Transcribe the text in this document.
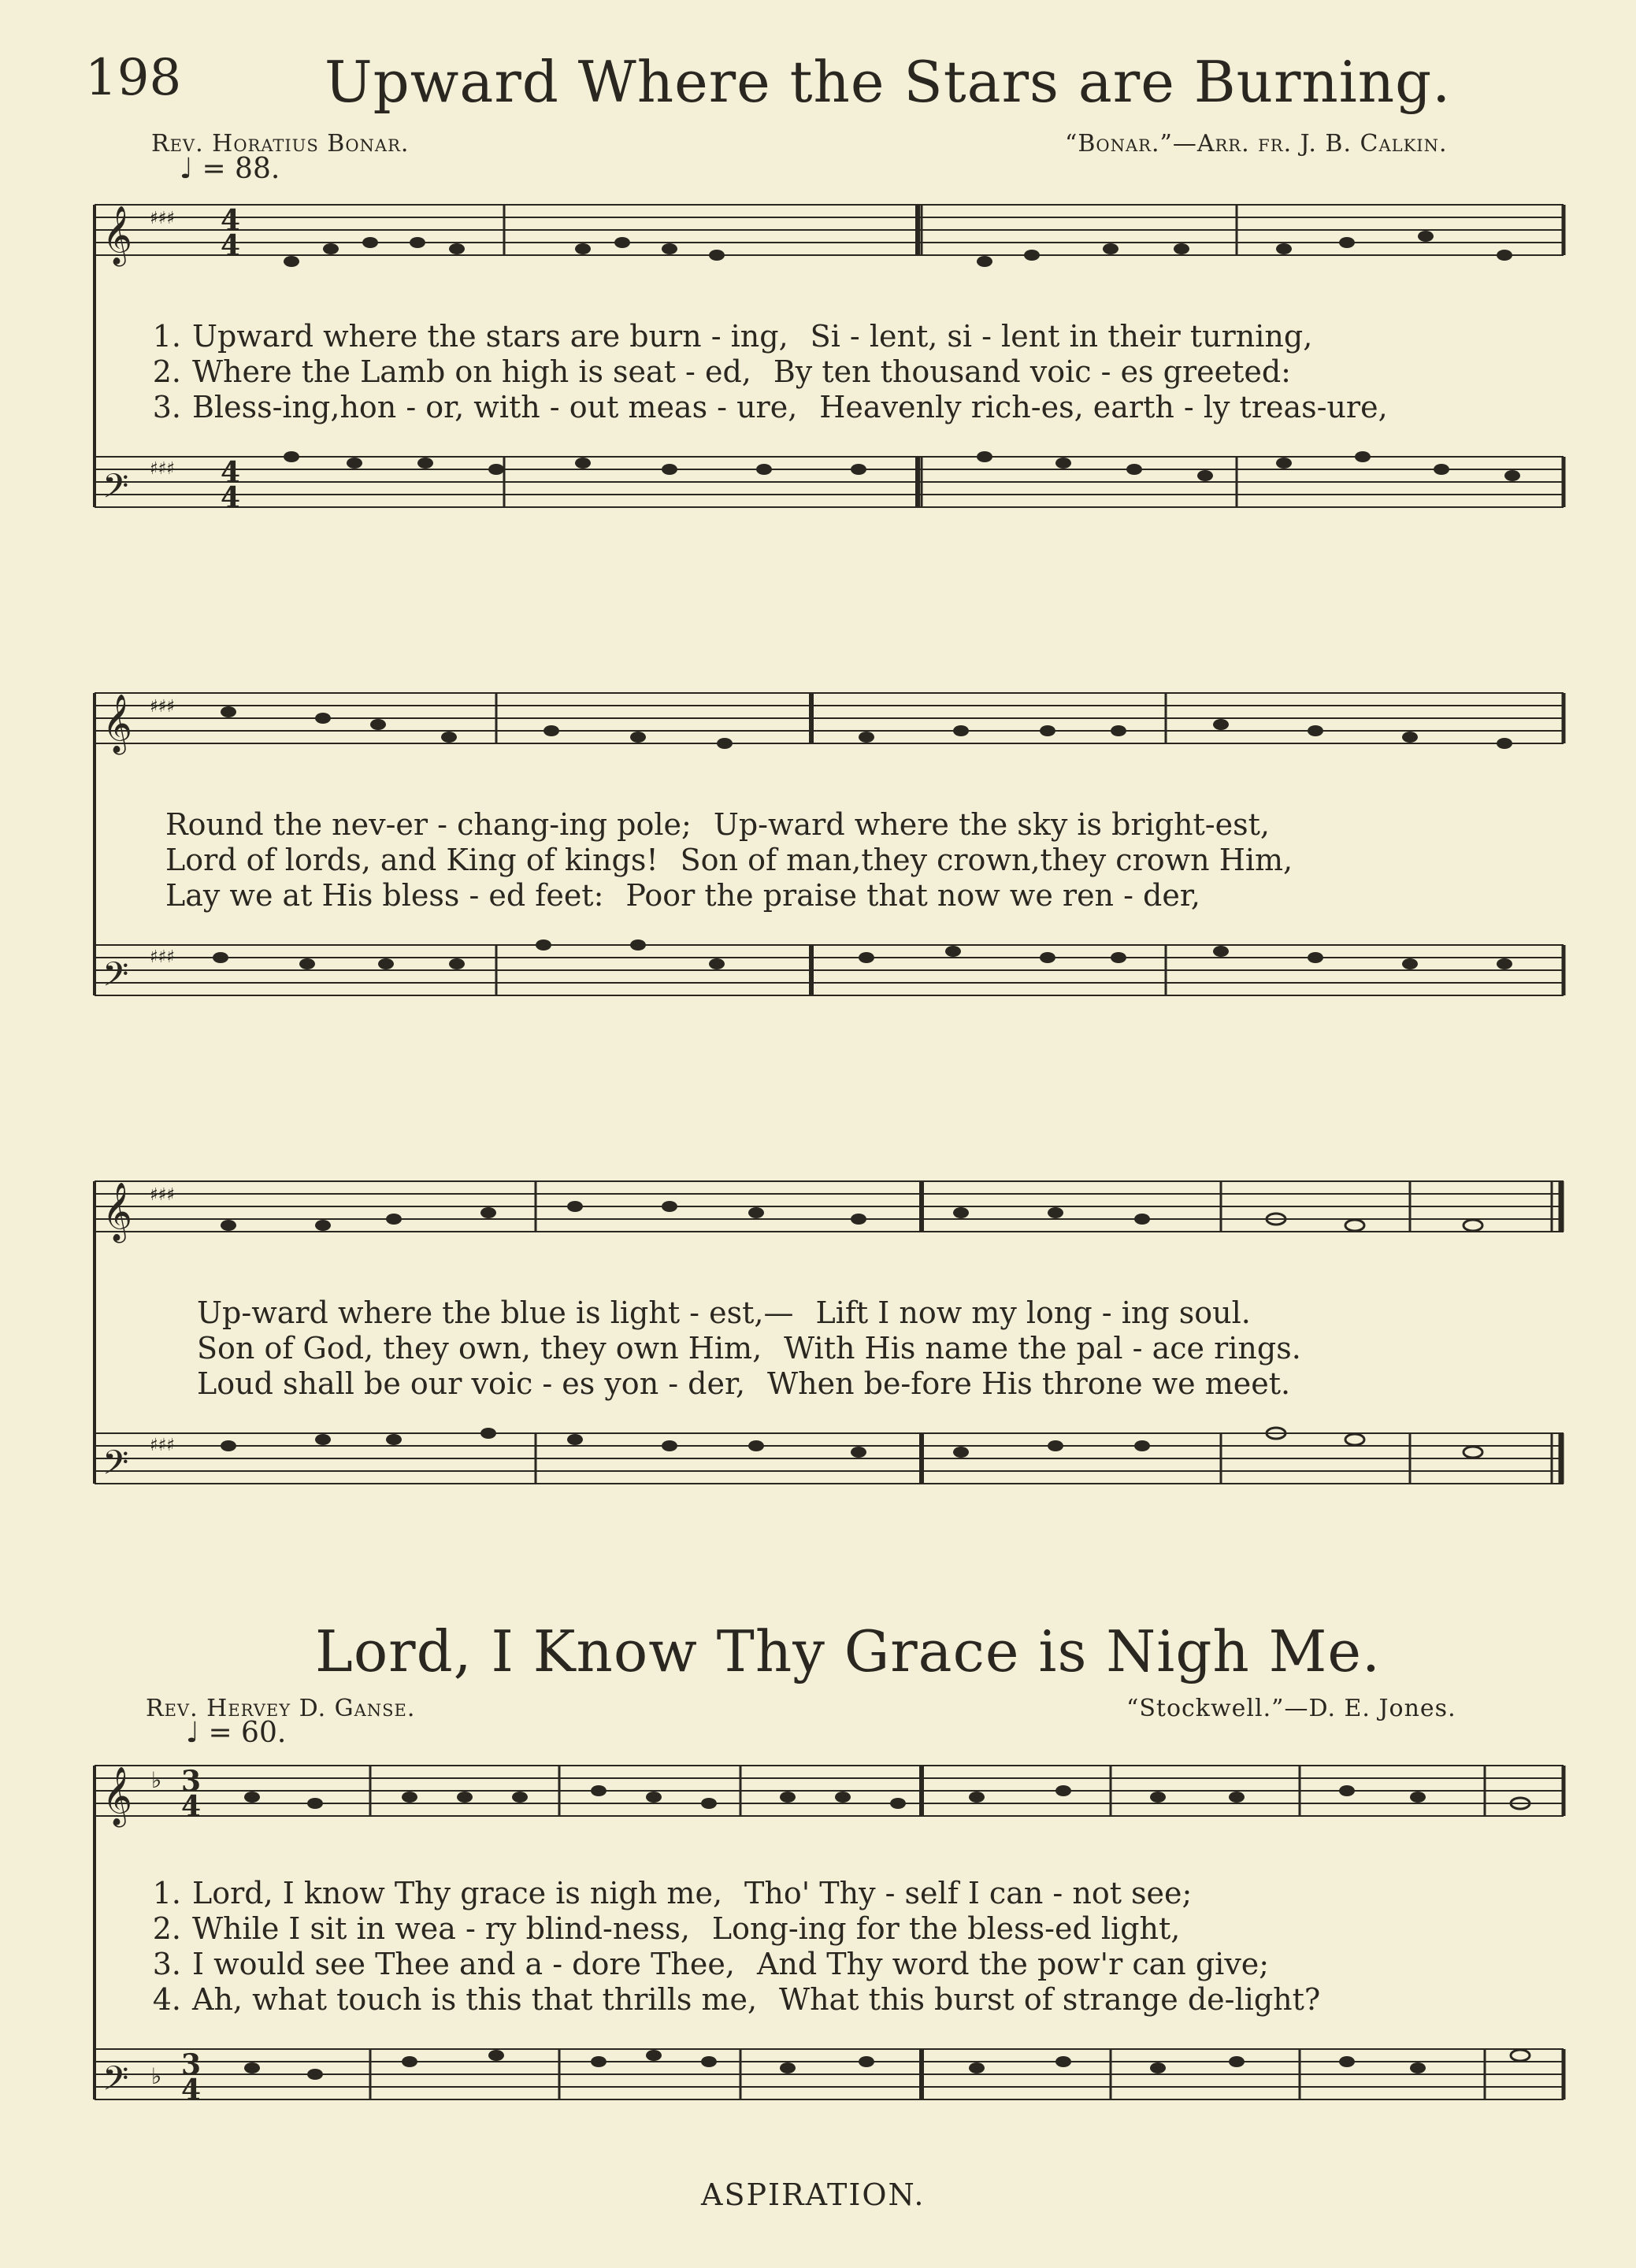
198	Upward Where the Stars are Burning.
Rev. Horatius Bonar.	“Bonar.”—Arr. fr. J. B. Calkin.
♩ = 88.
𝄞
𝄢
♯♯♯
♯♯♯
4
4
4
4
1. Upward where the stars are burn - ing, Si - lent, si - lent in their turning,
2. Where the Lamb on high is seat - ed, By ten thousand voic - es greeted:
3. Bless-ing,hon - or, with - out meas - ure, Heavenly rich-es, earth - ly treas-ure,
𝄞
𝄢
♯♯♯
♯♯♯
Round the nev-er - chang-ing pole; Up-ward where the sky is bright-est,
Lord of lords, and King of kings! Son of man,they crown,they crown Him,
Lay we at His bless - ed feet: Poor the praise that now we ren - der,
𝄞
𝄢
♯♯♯
♯♯♯
Up-ward where the blue is light - est,— Lift I now my long - ing soul.
Son of God, they own, they own Him, With His name the pal - ace rings.
Loud shall be our voic - es yon - der, When be-fore His throne we meet.
Lord, I Know Thy Grace is Nigh Me.
Rev. Hervey D. Ganse.	“Stockwell.”—D. E. Jones.
♩ = 60.
𝄞
𝄢
♭
♭
3
4
3
4
1. Lord, I know Thy grace is nigh me, Tho' Thy - self I can - not see;
2. While I sit in wea - ry blind-ness, Long-ing for the bless-ed light,
3.I would see Thee and a - dore Thee, And Thy word the pow'r can give;
4. Ah, what touch is this that thrills me, What this burst of strange de-light?
ASPIRATION.
